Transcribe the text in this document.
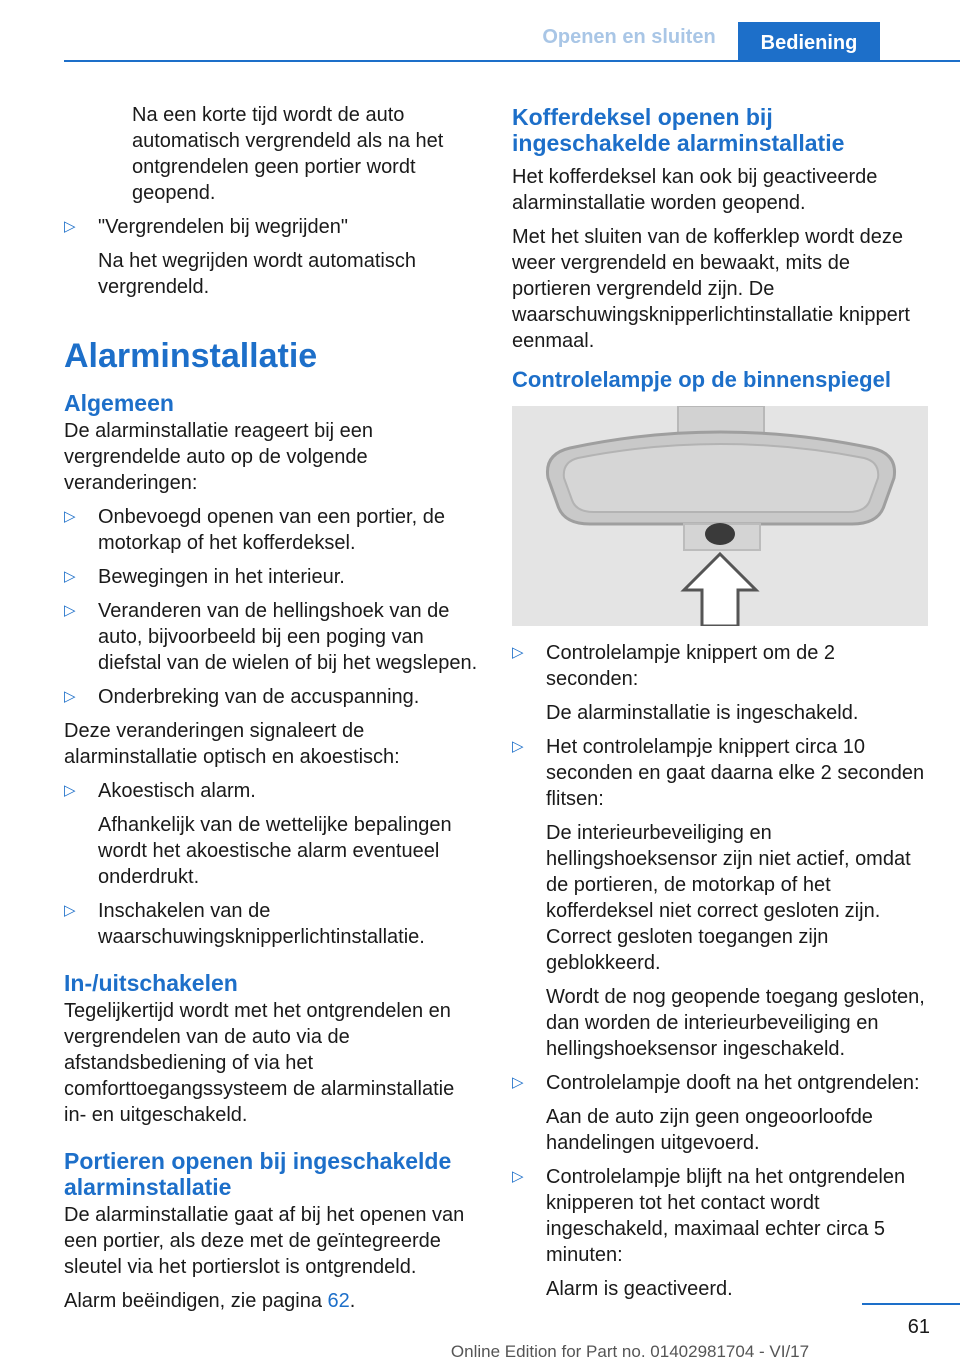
Openen en sluiten	Bediening

Na een korte tijd wordt de auto automatisch vergrendeld als na het ontgrendelen geen portier wordt geopend.

▷ "Vergrendelen bij wegrijden"
Na het wegrijden wordt automatisch vergrendeld.
Alarminstallatie
Algemeen

De alarminstallatie reageert bij een vergrendelde auto op de volgende veranderingen:

▷ Onbevoegd openen van een portier, de motorkap of het kofferdeksel.
▷ Bewegingen in het interieur.
▷ Veranderen van de hellingshoek van de auto, bijvoorbeeld bij een poging van diefstal van de wielen of bij het wegslepen.
▷ Onderbreking van de accuspanning.

Deze veranderingen signaleert de alarminstallatie optisch en akoestisch:

▷ Akoestisch alarm.
Afhankelijk van de wettelijke bepalingen wordt het akoestische alarm eventueel onderdrukt.
▷ Inschakelen van de waarschuwingsknipperlichtinstallatie.
In-/uitschakelen

Tegelijkertijd wordt met het ontgrendelen en vergrendelen van de auto via de afstandsbediening of via het comforttoegangssysteem de alarminstallatie in- en uitgeschakeld.

Portieren openen bij ingeschakelde alarminstallatie

De alarminstallatie gaat af bij het openen van een portier, als deze met de geïntegreerde sleutel via het portierslot is ontgrendeld.

Alarm beëindigen, zie pagina 62.

Kofferdeksel openen bij ingeschakelde alarminstallatie

Het kofferdeksel kan ook bij geactiveerde alarminstallatie worden geopend.

Met het sluiten van de kofferklep wordt deze weer vergrendeld en bewaakt, mits de portieren vergrendeld zijn. De waarschuwingsknipperlichtinstallatie knippert eenmaal.

Controlelampje op de binnenspiegel
▷ Controlelampje knippert om de 2 seconden:
De alarminstallatie is ingeschakeld.
▷ Het controlelampje knippert circa 10 seconden en gaat daarna elke 2 seconden flitsen:
De interieurbeveiliging en hellingshoeksensor zijn niet actief, omdat de portieren, de motorkap of het kofferdeksel niet correct gesloten zijn. Correct gesloten toegangen zijn geblokkeerd.
Wordt de nog geopende toegang gesloten, dan worden de interieurbeveiliging en hellingshoeksensor ingeschakeld.
▷ Controlelampje dooft na het ontgrendelen:
Aan de auto zijn geen ongeoorloofde handelingen uitgevoerd.
▷ Controlelampje blijft na het ontgrendelen knipperen tot het contact wordt ingeschakeld, maximaal echter circa 5 minuten:
Alarm is geactiveerd.
61
Online Edition for Part no. 01402981704 - VI/17
